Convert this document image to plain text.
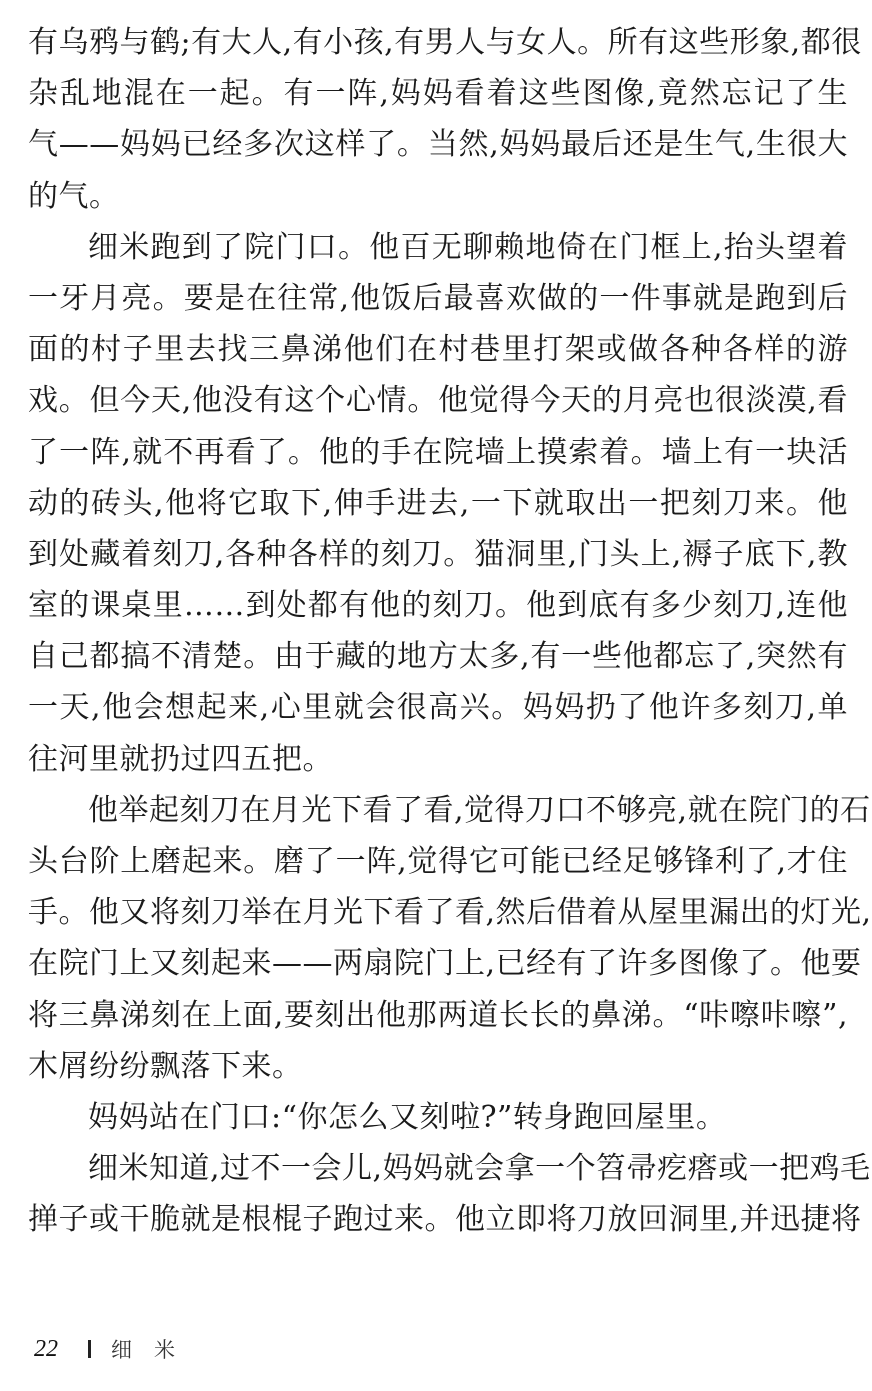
有乌鸦与鹤;有大人,有小孩,有男人与女人。所有这些形象,都很
杂乱地混在一起。有一阵,妈妈看着这些图像,竟然忘记了生
气——妈妈已经多次这样了。当然,妈妈最后还是生气,生很大
的气。
细米跑到了院门口。他百无聊赖地倚在门框上,抬头望着
一牙月亮。要是在往常,他饭后最喜欢做的一件事就是跑到后
面的村子里去找三鼻涕他们在村巷里打架或做各种各样的游
戏。但今天,他没有这个心情。他觉得今天的月亮也很淡漠,看
了一阵,就不再看了。他的手在院墙上摸索着。墙上有一块活
动的砖头,他将它取下,伸手进去,一下就取出一把刻刀来。他
到处藏着刻刀,各种各样的刻刀。猫洞里,门头上,褥子底下,教
室的课桌里……到处都有他的刻刀。他到底有多少刻刀,连他
自己都搞不清楚。由于藏的地方太多,有一些他都忘了,突然有
一天,他会想起来,心里就会很高兴。妈妈扔了他许多刻刀,单
往河里就扔过四五把。
他举起刻刀在月光下看了看,觉得刀口不够亮,就在院门的石
头台阶上磨起来。磨了一阵,觉得它可能已经足够锋利了,才住
手。他又将刻刀举在月光下看了看,然后借着从屋里漏出的灯光,
在院门上又刻起来——两扇院门上,已经有了许多图像了。他要
将三鼻涕刻在上面,要刻出他那两道长长的鼻涕。“咔嚓咔嚓”,
木屑纷纷飘落下来。
妈妈站在门口:“你怎么又刻啦?”转身跑回屋里。
细米知道,过不一会儿,妈妈就会拿一个笤帚疙瘩或一把鸡毛
掸子或干脆就是根棍子跑过来。他立即将刀放回洞里,并迅捷将
22	细米
